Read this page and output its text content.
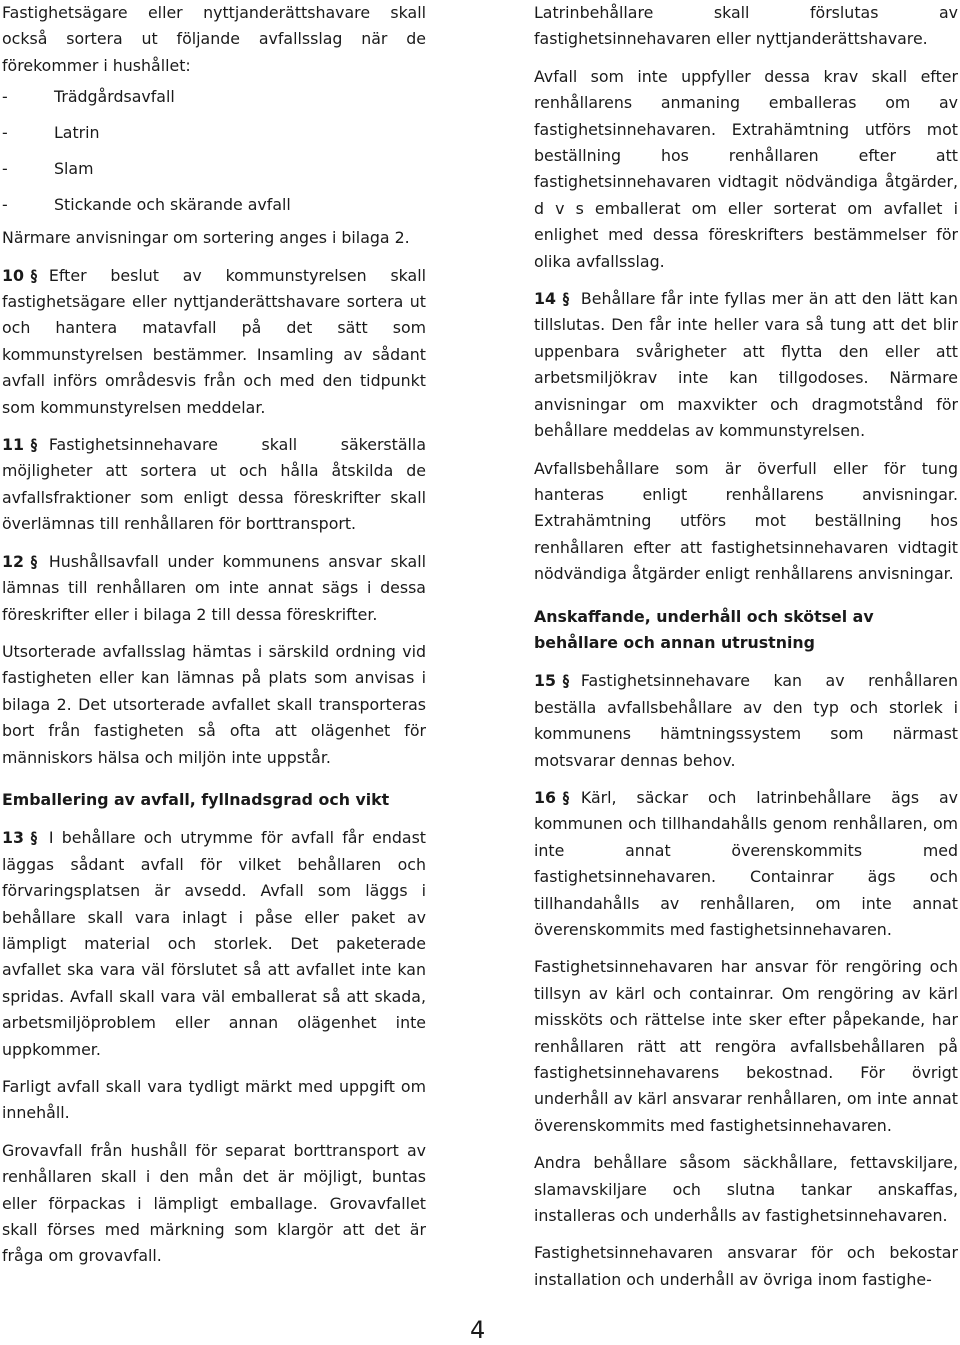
Fastighetsägare eller nyttjanderättshavare skall också sortera ut följande avfallsslag när de förekommer i hushållet:

-	Trädgårdsavfall
-	Latrin
-	Slam
-	Stickande och skärande avfall

Närmare anvisningar om sortering anges i bilaga 2.

10 § Efter beslut av kommunstyrelsen skall fastighetsägare eller nyttjanderättshavare sortera ut och hantera matavfall på det sätt som kommunstyrelsen bestämmer. Insamling av sådant avfall införs områdesvis från och med den tidpunkt som kommunstyrelsen meddelar.

11 § Fastighetsinnehavare skall säkerställa möjligheter att sortera ut och hålla åtskilda de avfallsfraktioner som enligt dessa föreskrifter skall överlämnas till renhållaren för borttransport.

12 § Hushållsavfall under kommunens ansvar skall lämnas till renhållaren om inte annat sägs i dessa föreskrifter eller i bilaga 2 till dessa föreskrifter.

Utsorterade avfallsslag hämtas i särskild ordning vid fastigheten eller kan lämnas på plats som anvisas i bilaga 2. Det utsorterade avfallet skall transporteras bort från fastigheten så ofta att olägenhet för människors hälsa och miljön inte uppstår.

Emballering av avfall, fyllnadsgrad och vikt

13 § I behållare och utrymme för avfall får endast läggas sådant avfall för vilket behållaren och förvaringsplatsen är avsedd. Avfall som läggs i behållare skall vara inlagt i påse eller paket av lämpligt material och storlek. Det paketerade avfallet ska vara väl förslutet så att avfallet inte kan spridas. Avfall skall vara väl emballerat så att skada, arbetsmiljöproblem eller annan olägenhet inte uppkommer.

Farligt avfall skall vara tydligt märkt med uppgift om innehåll.

Grovavfall från hushåll för separat borttransport av renhållaren skall i den mån det är möjligt, buntas eller förpackas i lämpligt emballage. Grovavfallet skall förses med märkning som klargör att det är fråga om grovavfall.

Latrinbehållare skall förslutas av fastighetsinnehavaren eller nyttjanderättshavare.

Avfall som inte uppfyller dessa krav skall efter renhållarens anmaning emballeras om av fastighetsinnehavaren. Extrahämtning utförs mot beställning hos renhållaren efter att fastighetsinnehavaren vidtagit nödvändiga åtgärder, d v s emballerat om eller sorterat om avfallet i enlighet med dessa föreskrifters bestämmelser för olika avfallsslag.

14 § Behållare får inte fyllas mer än att den lätt kan tillslutas. Den får inte heller vara så tung att det blir uppenbara svårigheter att flytta den eller att arbetsmiljökrav inte kan tillgodoses. Närmare anvisningar om maxvikter och dragmotstånd för behållare meddelas av kommunstyrelsen.

Avfallsbehållare som är överfull eller för tung hanteras enligt renhållarens anvisningar. Extrahämtning utförs mot beställning hos renhållaren efter att fastighetsinnehavaren vidtagit nödvändiga åtgärder enligt renhållarens anvisningar.

Anskaffande, underhåll och skötsel av behållare och annan utrustning

15 § Fastighetsinnehavare kan av renhållaren beställa avfallsbehållare av den typ och storlek i kommunens hämtningssystem som närmast motsvarar dennas behov.

16 § Kärl, säckar och latrinbehållare ägs av kommunen och tillhandahålls genom renhållaren, om inte annat överenskommits med fastighetsinnehavaren. Containrar ägs och tillhandahålls av renhållaren, om inte annat överenskommits med fastighetsinnehavaren.

Fastighetsinnehavaren har ansvar för rengöring och tillsyn av kärl och containrar. Om rengöring av kärl missköts och rättelse inte sker efter påpekande, har renhållaren rätt att rengöra avfallsbehållaren på fastighetsinnehavarens bekostnad. För övrigt underhåll av kärl ansvarar renhållaren, om inte annat överenskommits med fastighetsinnehavaren.

Andra behållare såsom säckhållare, fettavskiljare, slamavskiljare och slutna tankar anskaffas, installeras och underhålls av fastighetsinnehavaren.

Fastighetsinnehavaren ansvarar för och bekostar installation och underhåll av övriga inom fastighe-

4
